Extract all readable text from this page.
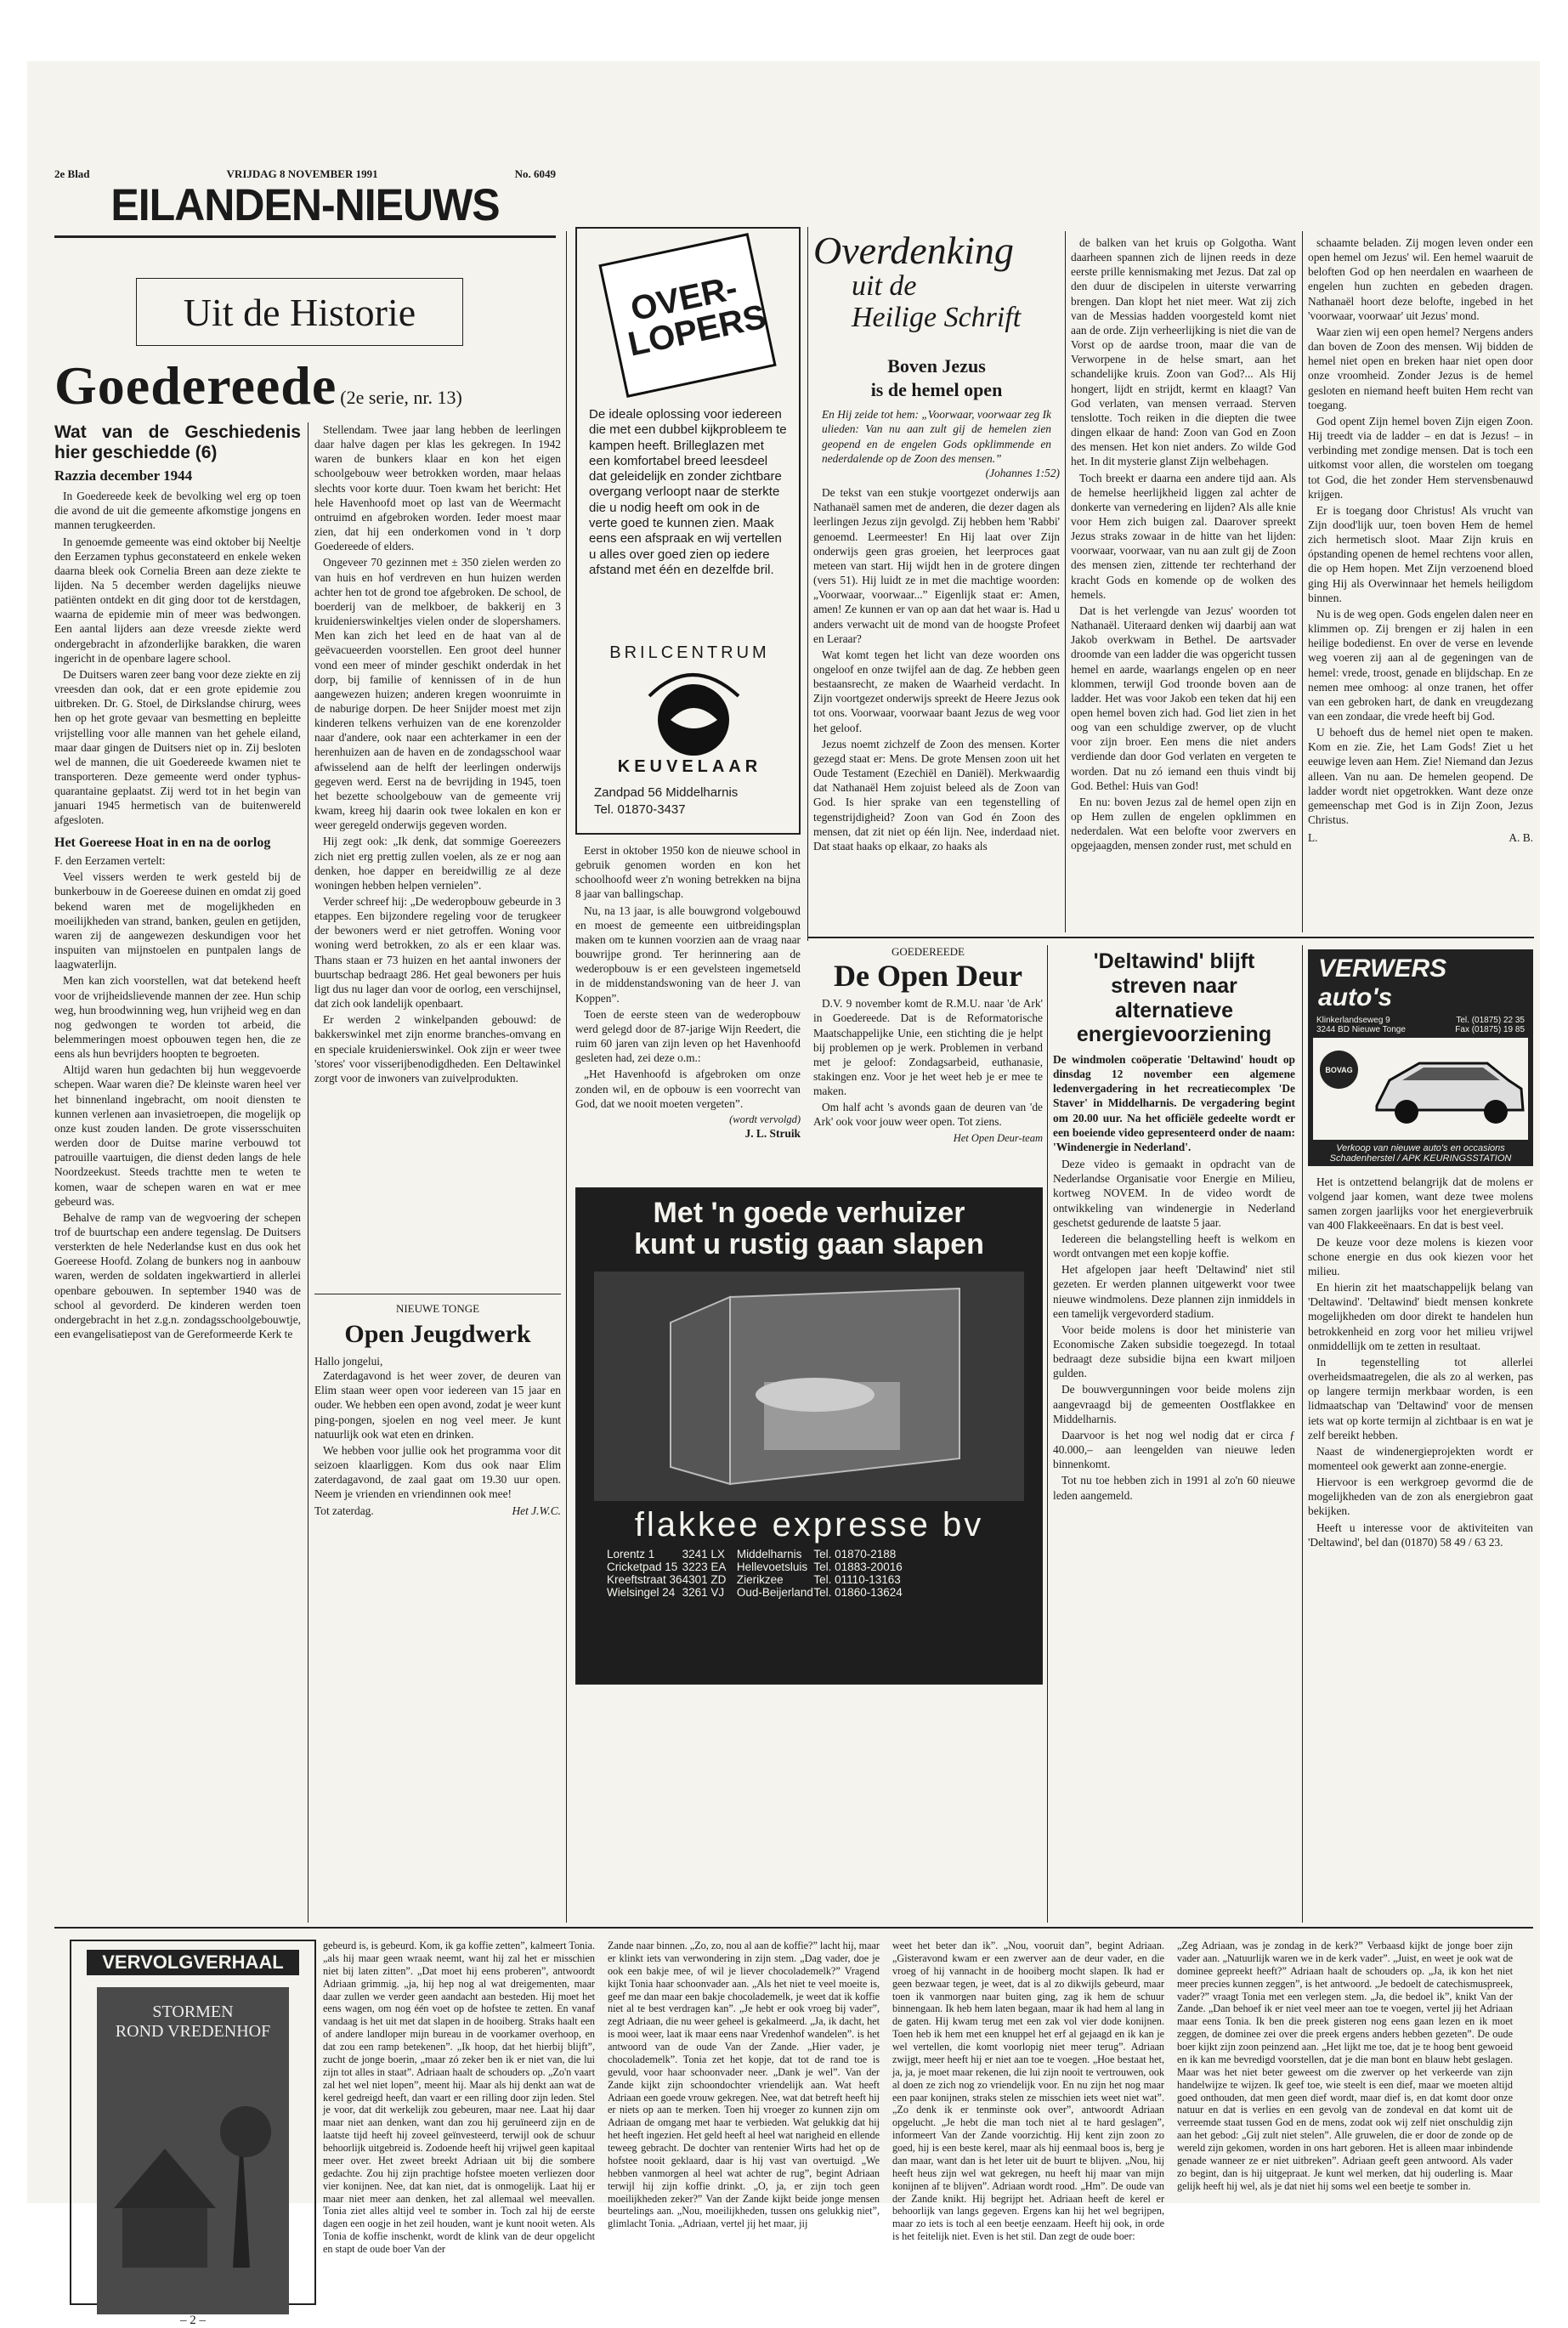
2e Blad	VRIJDAG 8 NOVEMBER 1991	No. 6049
EILANDEN-NIEUWS
Uit de Historie
Goedereede (2e serie, nr. 13)
Wat van de Geschiedenis hier geschiedde (6)
Razzia december 1944

In Goedereede keek de bevolking wel erg op toen die avond de uit die gemeente afkomstige jongens en mannen terugkeerden.

In genoemde gemeente was eind oktober bij Neeltje den Eerzamen typhus geconstateerd en enkele weken daarna bleek ook Cornelia Breen aan deze ziekte te lijden. Na 5 december werden dagelijks nieuwe patiënten ontdekt en dit ging door tot de kerstdagen, waarna de epidemie min of meer was bedwongen. Een aantal lijders aan deze vreesde ziekte werd ondergebracht in afzonderlijke barakken, die waren ingericht in de openbare lagere school.

De Duitsers waren zeer bang voor deze ziekte en zij vreesden dan ook, dat er een grote epidemie zou uitbreken. Dr. G. Stoel, de Dirkslandse chirurg, wees hen op het grote gevaar van besmetting en bepleitte vrijstelling voor alle mannen van het gehele eiland, maar daar gingen de Duitsers niet op in. Zij besloten wel de mannen, die uit Goedereede kwamen niet te transporteren. Deze gemeente werd onder typhus-quarantaine geplaatst. Zij werd tot in het begin van januari 1945 hermetisch van de buitenwereld afgesloten.

Het Goereese Hoat in en na de oorlog
F. den Eerzamen vertelt:

Veel vissers werden te werk gesteld bij de bunkerbouw in de Goereese duinen en omdat zij goed bekend waren met de mogelijkheden en moeilijkheden van strand, banken, geulen en getijden, waren zij de aangewezen deskundigen voor het inspuiten van mijnstoelen en puntpalen langs de laagwaterlijn.

Men kan zich voorstellen, wat dat betekend heeft voor de vrijheidslievende mannen der zee. Hun schip weg, hun broodwinning weg, hun vrijheid weg en dan nog gedwongen te worden tot arbeid, die belemmeringen moest opbouwen tegen hen, die ze eens als hun bevrijders hoopten te begroeten.

Altijd waren hun gedachten bij hun weggevoerde schepen. Waar waren die? De kleinste waren heel ver het binnenland ingebracht, om nooit diensten te kunnen verlenen aan invasietroepen, die mogelijk op onze kust zouden landen. De grote vissersschuiten werden door de Duitse marine verbouwd tot patrouille vaartuigen, die dienst deden langs de hele Noordzeekust. Steeds trachtte men te weten te komen, waar de schepen waren en wat er mee gebeurd was.

Behalve de ramp van de wegvoering der schepen trof de buurtschap een andere tegenslag. De Duitsers versterkten de hele Nederlandse kust en dus ook het Goereese Hoofd. Zolang de bunkers nog in aanbouw waren, werden de soldaten ingekwartierd in allerlei openbare gebouwen. In september 1940 was de school al gevorderd. De kinderen werden toen ondergebracht in het z.g.n. zondagsschoolgebouwtje, een evangelisatiepost van de Gereformeerde Kerk te

Stellendam. Twee jaar lang hebben de leerlingen daar halve dagen per klas les gekregen. In 1942 waren de bunkers klaar en kon het eigen schoolgebouw weer betrokken worden, maar helaas slechts voor korte duur. Toen kwam het bericht: Het hele Havenhoofd moet op last van de Weermacht ontruimd en afgebroken worden. Ieder moest maar zien, dat hij een onderkomen vond in 't dorp Goedereede of elders.

Ongeveer 70 gezinnen met ± 350 zielen werden zo van huis en hof verdreven en hun huizen werden achter hen tot de grond toe afgebroken. De school, de boerderij van de melkboer, de bakkerij en 3 kruidenierswinkeltjes vielen onder de slopershamers. Men kan zich het leed en de haat van al de geëvacueerden voorstellen. Een groot deel hunner vond een meer of minder geschikt onderdak in het dorp, bij familie of kennissen of in de hun aangewezen huizen; anderen kregen woonruimte in de naburige dorpen. De heer Snijder moest met zijn kinderen telkens verhuizen van de ene korenzolder naar d'andere, ook naar een achterkamer in een der herenhuizen aan de haven en de zondagsschool waar afwisselend aan de helft der leerlingen onderwijs gegeven werd. Eerst na de bevrijding in 1945, toen het bezette schoolgebouw van de gemeente vrij kwam, kreeg hij daarin ook twee lokalen en kon er weer geregeld onderwijs gegeven worden.

Hij zegt ook: „Ik denk, dat sommige Goereezers zich niet erg prettig zullen voelen, als ze er nog aan denken, hoe dapper en bereidwillig ze al deze woningen hebben helpen vernielen”.

Verder schreef hij: „De wederopbouw gebeurde in 3 etappes. Een bijzondere regeling voor de terugkeer der bewoners werd er niet getroffen. Woning voor woning werd betrokken, zo als er een klaar was. Thans staan er 73 huizen en het aantal inwoners der buurtschap bedraagt 286. Het geal bewoners per huis ligt dus nu lager dan voor de oorlog, een verschijnsel, dat zich ook landelijk openbaart.

Er werden 2 winkelpanden gebouwd: de bakkerswinkel met zijn enorme branches-omvang en en speciale kruidenierswinkel. Ook zijn er weer twee 'stores' voor visserijbenodigdheden. Een Deltawinkel zorgt voor de inwoners van zuivelprodukten.

NIEUWE TONGE
Open Jeugdwerk
Hallo jongelui,

Zaterdagavond is het weer zover, de deuren van Elim staan weer open voor iedereen van 15 jaar en ouder. We hebben een open avond, zodat je weer kunt ping-pongen, sjoelen en nog veel meer. Je kunt natuurlijk ook wat eten en drinken.

We hebben voor jullie ook het programma voor dit seizoen klaarliggen. Kom dus ook naar Elim zaterdagavond, de zaal gaat om 19.30 uur open. Neem je vrienden en vriendinnen ook mee!

Tot zaterdag.	Het J.W.C.
OVER-LOPERS
De ideale oplossing voor iedereen die met een dubbel kijkprobleem te kampen heeft. Brilleglazen met een komfortabel breed leesdeel dat geleidelijk en zonder zichtbare overgang verloopt naar de sterkte die u nodig heeft om ook in de verte goed te kunnen zien. Maak eens een afspraak en wij vertellen u alles over goed zien op iedere afstand met één en dezelfde bril.
BRILCENTRUM
KEUVELAAR
Zandpad 56 Middelharnis
Tel. 01870-3437

Eerst in oktober 1950 kon de nieuwe school in gebruik genomen worden en kon het schoolhoofd weer z'n woning betrekken na bijna 8 jaar van ballingschap.

Nu, na 13 jaar, is alle bouwgrond volgebouwd en moest de gemeente een uitbreidingsplan maken om te kunnen voorzien aan de vraag naar bouwrijpe grond. Ter herinnering aan de wederopbouw is er een gevelsteen ingemetseld in de middenstandswoning van de heer J. van Koppen”.

Toen de eerste steen van de wederopbouw werd gelegd door de 87-jarige Wijn Reedert, die ruim 60 jaren van zijn leven op het Havenhoofd gesleten had, zei deze o.m.:

„Het Havenhoofd is afgebroken om onze zonden wil, en de opbouw is een voorrecht van God, dat we nooit moeten vergeten”.

(wordt vervolgd)
J. L. Struik
Overdenking
uit de
Heilige Schrift
Boven Jezus
is de hemel open
En Hij zeide tot hem: „Voorwaar, voorwaar zeg Ik ulieden: Van nu aan zult gij de hemelen zien geopend en de engelen Gods opklimmende en nederdalende op de Zoon des mensen.”
(Johannes 1:52)

De tekst van een stukje voortgezet onderwijs aan Nathanaël samen met de anderen, die dezer dagen als leerlingen Jezus zijn gevolgd. Zij hebben hem 'Rabbi' genoemd. Leermeester! En Hij laat over Zijn onderwijs geen gras groeien, het leerproces gaat meteen van start. Hij wijdt hen in de grotere dingen (vers 51). Hij luidt ze in met die machtige woorden: „Voorwaar, voorwaar...” Eigenlijk staat er: Amen, amen! Ze kunnen er van op aan dat het waar is. Had u anders verwacht uit de mond van de hoogste Profeet en Leraar?

Wat komt tegen het licht van deze woorden ons ongeloof en onze twijfel aan de dag. Ze hebben geen bestaansrecht, ze maken de Waarheid verdacht. In Zijn voortgezet onderwijs spreekt de Heere Jezus ook tot ons. Voorwaar, voorwaar baant Jezus de weg voor het geloof.

Jezus noemt zichzelf de Zoon des mensen. Korter gezegd staat er: Mens. De grote Mensen zoon uit het Oude Testament (Ezechiël en Daniël). Merkwaardig dat Nathanaël Hem zojuist beleed als de Zoon van God. Is hier sprake van een tegenstelling of tegenstrijdigheid? Zoon van God én Zoon des mensen, dat zit niet op één lijn. Nee, inderdaad niet. Dat staat haaks op elkaar, zo haaks als

de balken van het kruis op Golgotha. Want daarheen spannen zich de lijnen reeds in deze eerste prille kennismaking met Jezus. Dat zal op den duur de discipelen in uiterste verwarring brengen. Dan klopt het niet meer. Wat zij zich van de Messias hadden voorgesteld komt niet aan de orde. Zijn verheerlijking is niet die van de Vorst op de aardse troon, maar die van de Verworpene in de helse smart, aan het schandelijke kruis. Zoon van God?... Als Hij hongert, lijdt en strijdt, kermt en klaagt? Van God verlaten, van mensen verraad. Sterven tenslotte. Toch reiken in die diepten die twee dingen elkaar de hand: Zoon van God en Zoon des mensen. Het kon niet anders. Zo wilde God het. In dit mysterie glanst Zijn welbehagen.

Toch breekt er daarna een andere tijd aan. Als de hemelse heerlijkheid liggen zal achter de donkerte van vernedering en lijden? Als alle knie voor Hem zich buigen zal. Daarover spreekt Jezus straks zowaar in de hitte van het lijden: voorwaar, voorwaar, van nu aan zult gij de Zoon des mensen zien, zittende ter rechterhand der kracht Gods en komende op de wolken des hemels.

Dat is het verlengde van Jezus' woorden tot Nathanaël. Uiteraard denken wij daarbij aan wat Jakob overkwam in Bethel. De aartsvader droomde van een ladder die was opgericht tussen hemel en aarde, waarlangs engelen op en neer klommen, terwijl God troonde boven aan de ladder. Het was voor Jakob een teken dat hij een open hemel boven zich had. God liet zien in het oog van een schuldige zwerver, op de vlucht voor zijn broer. Een mens die niet anders verdiende dan door God verlaten en vergeten te worden. Dat nu zó iemand een thuis vindt bij God. Bethel: Huis van God!

En nu: boven Jezus zal de hemel open zijn en op Hem zullen de engelen opklimmen en nederdalen. Wat een belofte voor zwervers en opgejaagden, mensen zonder rust, met schuld en

schaamte beladen. Zij mogen leven onder een open hemel om Jezus' wil. Een hemel waaruit de beloften God op hen neerdalen en waarheen de engelen hun zuchten en gebeden dragen. Nathanaël hoort deze belofte, ingebed in het 'voorwaar, voorwaar' uit Jezus' mond.

Waar zien wij een open hemel? Nergens anders dan boven de Zoon des mensen. Wij bidden de hemel niet open en breken haar niet open door onze vroomheid. Zonder Jezus is de hemel gesloten en niemand heeft buiten Hem recht van toegang.

God opent Zijn hemel boven Zijn eigen Zoon. Hij treedt via de ladder – en dat is Jezus! – in verbinding met zondige mensen. Dat is toch een uitkomst voor allen, die worstelen om toegang tot God, die het zonder Hem stervensbenauwd krijgen.

Er is toegang door Christus! Als vrucht van Zijn dood'lijk uur, toen boven Hem de hemel zich hermetisch sloot. Maar Zijn kruis en ópstanding openen de hemel rechtens voor allen, die op Hem hopen. Met Zijn verzoenend bloed ging Hij als Overwinnaar het hemels heiligdom binnen.

Nu is de weg open. Gods engelen dalen neer en klimmen op. Zij brengen er zij halen in een heilige bodedienst. En over de verse en levende weg voeren zij aan al de gegeningen van de hemel: vrede, troost, genade en blijdschap. En ze nemen mee omhoog: al onze tranen, het offer van een gebroken hart, de dank en vreugdezang van een zondaar, die vrede heeft bij God.

U behoeft dus de hemel niet open te maken. Kom en zie. Zie, het Lam Gods! Ziet u het eeuwige leven aan Hem. Zie! Niemand dan Jezus alleen. Van nu aan. De hemelen geopend. De ladder wordt niet opgetrokken. Want deze onze gemeenschap met God is in Zijn Zoon, Jezus Christus.

L.	A. B.
GOEDEREEDE
De Open Deur

D.V. 9 november komt de R.M.U. naar 'de Ark' in Goedereede. Dat is de Reformatorische Maatschappelijke Unie, een stichting die je helpt bij problemen op je werk. Problemen in verband met je geloof: Zondagsarbeid, euthanasie, stakingen enz. Voor je het weet heb je er mee te maken.

Om half acht 's avonds gaan de deuren van 'de Ark' ook voor jouw weer open. Tot ziens.

Het Open Deur-team
'Deltawind' blijft
streven naar alternatieve
energievoorziening
De windmolen coöperatie 'Deltawind' houdt op dinsdag 12 november een algemene ledenvergadering in het recreatiecomplex 'De Staver' in Middelharnis. De vergadering begint om 20.00 uur. Na het officiële gedeelte wordt er een boeiende video gepresenteerd onder de naam: 'Windenergie in Nederland'.

Deze video is gemaakt in opdracht van de Nederlandse Organisatie voor Energie en Milieu, kortweg NOVEM. In de video wordt de ontwikkeling van windenergie in Nederland geschetst gedurende de laatste 5 jaar.

Iedereen die belangstelling heeft is welkom en wordt ontvangen met een kopje koffie.

Het afgelopen jaar heeft 'Deltawind' niet stil gezeten. Er werden plannen uitgewerkt voor twee nieuwe windmolens. Deze plannen zijn inmiddels in een tamelijk vergevorderd stadium.

Voor beide molens is door het ministerie van Economische Zaken subsidie toegezegd. In totaal bedraagt deze subsidie bijna een kwart miljoen gulden.

De bouwvergunningen voor beide molens zijn aangevraagd bij de gemeenten Oostflakkee en Middelharnis.

Daarvoor is het nog wel nodig dat er circa ƒ 40.000,– aan leengelden van nieuwe leden binnenkomt.

Tot nu toe hebben zich in 1991 al zo'n 60 nieuwe leden aangemeld.

VERWERS auto's
Klinkerlandseweg 9	Tel. (01875) 22 35
3244 BD Nieuwe Tonge	Fax (01875) 19 85
BOVAG
Verkoop van nieuwe auto's en occasions
Schadenherstel / APK KEURINGSSTATION

Het is ontzettend belangrijk dat de molens er volgend jaar komen, want deze twee molens samen zorgen jaarlijks voor het energieverbruik van 400 Flakkeeënaars. En dat is best veel.

De keuze voor deze molens is kiezen voor schone energie en dus ook kiezen voor het milieu.

En hierin zit het maatschappelijk belang van 'Deltawind'. 'Deltawind' biedt mensen konkrete mogelijkheden om door direkt te handelen hun betrokkenheid en zorg voor het milieu vrijwel onmiddellijk om te zetten in resultaat.

In tegenstelling tot allerlei overheidsmaatregelen, die als zo al werken, pas op langere termijn merkbaar worden, is een lidmaatschap van 'Deltawind' voor de mensen iets wat op korte termijn al zichtbaar is en wat je zelf bereikt hebben.

Naast de windenergieprojekten wordt er momenteel ook gewerkt aan zonne-energie.

Hiervoor is een werkgroep gevormd die de mogelijkheden van de zon als energiebron gaat bekijken.

Heeft u interesse voor de aktiviteiten van 'Deltawind', bel dan (01870) 58 49 / 63 23.

Met 'n goede verhuizer
kunt u rustig gaan slapen
flakkee expresse bv
Lorentz 1	3241 LX	Middelharnis	Tel. 01870-2188
Cricketpad 15	3223 EA	Hellevoetsluis	Tel. 01883-20016
Kreeftstraat 36	4301 ZD	Zierikzee	Tel. 01110-13163
Wielsingel 24	3261 VJ	Oud-Beijerland	Tel. 01860-13624
VERVOLGVERHAAL
STORMEN
ROND VREDENHOF
– 2 –
gebeurd is, is gebeurd. Kom, ik ga koffie zetten”, kalmeert Tonia. „als hij maar geen wraak neemt, want hij zal het er misschien niet bij laten zitten”. „Dat moet hij eens proberen”, antwoordt Adriaan grimmig. „ja, hij hep nog al wat dreigementen, maar daar zullen we verder geen aandacht aan besteden. Hij moet het eens wagen, om nog één voet op de hofstee te zetten. En vanaf vandaag is het uit met dat slapen in de hooiberg. Straks haalt een of andere landloper mijn bureau in de voorkamer overhoop, en dat zou een ramp betekenen”. „Ik hoop, dat het hierbij blijft”, zucht de jonge boerin, „maar zó zeker ben ik er niet van, die lui zijn tot alles in staat”. Adriaan haalt de schouders op. „Zo'n vaart zal het wel niet lopen”, meent hij. Maar als hij denkt aan wat de kerel gedreigd heeft, dan vaart er een rilling door zijn leden. Stel je voor, dat dit werkelijk zou gebeuren, maar nee. Laat hij daar maar niet aan denken, want dan zou hij geruïneerd zijn en de laatste tijd heeft hij zoveel geïnvesteerd, terwijl ook de schuur behoorlijk uitgebreid is. Zodoende heeft hij vrijwel geen kapitaal meer over. Het zweet breekt Adriaan uit bij die sombere gedachte. Zou hij zijn prachtige hofstee moeten verliezen door vier konijnen. Nee, dat kan niet, dat is onmogelijk. Laat hij er maar niet meer aan denken, het zal allemaal wel meevallen. Tonia ziet alles altijd veel te somber in. Toch zal hij de eerste dagen een oogje in het zeil houden, want je kunt nooit weten. Als Tonia de koffie inschenkt, wordt de klink van de deur opgelicht en stapt de oude boer Van der
Zande naar binnen. „Zo, zo, nou al aan de koffie?” lacht hij, maar er klinkt iets van verwondering in zijn stem. „Dag vader, doe je ook een bakje mee, of wil je liever chocolademelk?” Vragend kijkt Tonia haar schoonvader aan. „Als het niet te veel moeite is, geef me dan maar een bakje chocolademelk, je weet dat ik koffie niet al te best verdragen kan”. „Je hebt er ook vroeg bij vader”, zegt Adriaan, die nu weer geheel is gekalmeerd. „Ja, ik dacht, het is mooi weer, laat ik maar eens naar Vredenhof wandelen”. is het antwoord van de oude Van der Zande. „Hier vader, je chocolademelk”. Tonia zet het kopje, dat tot de rand toe is gevuld, voor haar schoonvader neer. „Dank je wel”. Van der Zande kijkt zijn schoondochter vriendelijk aan. Wat heeft Adriaan een goede vrouw gekregen. Nee, wat dat betreft heeft hij er niets op aan te merken. Toen hij vroeger zo kunnen zijn om Adriaan de omgang met haar te verbieden. Wat gelukkig dat hij het heeft ingezien. Het geld heeft al heel wat narigheid en ellende teweeg gebracht. De dochter van rentenier Wirts had het op de hofstee nooit geklaard, daar is hij vast van overtuigd. „We hebben vanmorgen al heel wat achter de rug”, begint Adriaan terwijl hij zijn koffie drinkt. „O, ja, er zijn toch geen moeilijkheden zeker?” Van der Zande kijkt beide jonge mensen beurtelings aan. „Nou, moeilijkheden, tussen ons gelukkig niet”, glimlacht Tonia. „Adriaan, vertel jij het maar, jij
weet het beter dan ik”. „Nou, vooruit dan”, begint Adriaan. „Gisteravond kwam er een zwerver aan de deur vader, en die vroeg of hij vannacht in de hooiberg mocht slapen. Ik had er geen bezwaar tegen, je weet, dat is al zo dikwijls gebeurd, maar toen ik vanmorgen naar buiten ging, zag ik hem de schuur binnengaan. Ik heb hem laten begaan, maar ik had hem al lang in de gaten. Hij kwam terug met een zak vol vier dode konijnen. Toen heb ik hem met een knuppel het erf al gejaagd en ik kan je wel vertellen, die komt voorlopig niet meer terug”. Adriaan zwijgt, meer heeft hij er niet aan toe te voegen. „Hoe bestaat het, ja, ja, je moet maar rekenen, die lui zijn nooit te vertrouwen, ook al doen ze zich nog zo vriendelijk voor. En nu zijn het nog maar een paar konijnen, straks stelen ze misschien iets weet niet wat”. „Zo denk ik er tenminste ook over”, antwoordt Adriaan opgelucht. „Je hebt die man toch niet al te hard geslagen”, informeert Van der Zande voorzichtig. Hij kent zijn zoon zo goed, hij is een beste kerel, maar als hij eenmaal boos is, berg je dan maar, want dan is het leter uit de buurt te blijven. „Nou, hij heeft heus zijn wel wat gekregen, nu heeft hij maar van mijn konijnen af te blijven”. Adriaan wordt rood. „Hm”. De oude van der Zande knikt. Hij begrijpt het. Adriaan heeft de kerel er behoorlijk van langs gegeven. Ergens kan hij het wel begrijpen, maar zo iets is toch al een beetje eenzaam. Heeft hij ook, in orde is het feitelijk niet. Even is het stil. Dan zegt de oude boer:
„Zeg Adriaan, was je zondag in de kerk?” Verbaasd kijkt de jonge boer zijn vader aan. „Natuurlijk waren we in de kerk vader”. „Juist, en weet je ook wat de dominee gepreekt heeft?” Adriaan haalt de schouders op. „Ja, ik kon het niet meer precies kunnen zeggen”, is het antwoord. „Je bedoelt de catechismuspreek, vader?” vraagt Tonia met een verlegen stem. „Ja, die bedoel ik”, knikt Van der Zande. „Dan behoef ik er niet veel meer aan toe te voegen, vertel jij het Adriaan maar eens Tonia. Ik ben die preek gisteren nog eens gaan lezen en ik moet zeggen, de dominee zei over die preek ergens anders hebben gezeten”. De oude boer kijkt zijn zoon peinzend aan. „Het lijkt me toe, dat je te hoog bent gewoeid en ik kan me bevredigd voorstellen, dat je die man bont en blauw hebt geslagen. Maar was het niet beter geweest om die zwerver op het verkeerde van zijn handelwijze te wijzen. Ik geef toe, wie steelt is een dief, maar we moeten altijd goed onthouden, dat men geen dief wordt, maar dief is, en dat komt door onze natuur en dat is verlies en een gevolg van de zondeval en dat komt uit de verreemde staat tussen God en de mens, zodat ook wij zelf niet onschuldig zijn aan het gebod: „Gij zult niet stelen”. Alle gruwelen, die er door de zonde op de wereld zijn gekomen, worden in ons hart geboren. Het is alleen maar inbindende genade wanneer ze er niet uitbreken”. Adriaan geeft geen antwoord. Als vader zo begint, dan is hij uitgepraat. Je kunt wel merken, dat hij ouderling is. Maar gelijk heeft hij wel, als je dat niet hij soms wel een beetje te somber in.
